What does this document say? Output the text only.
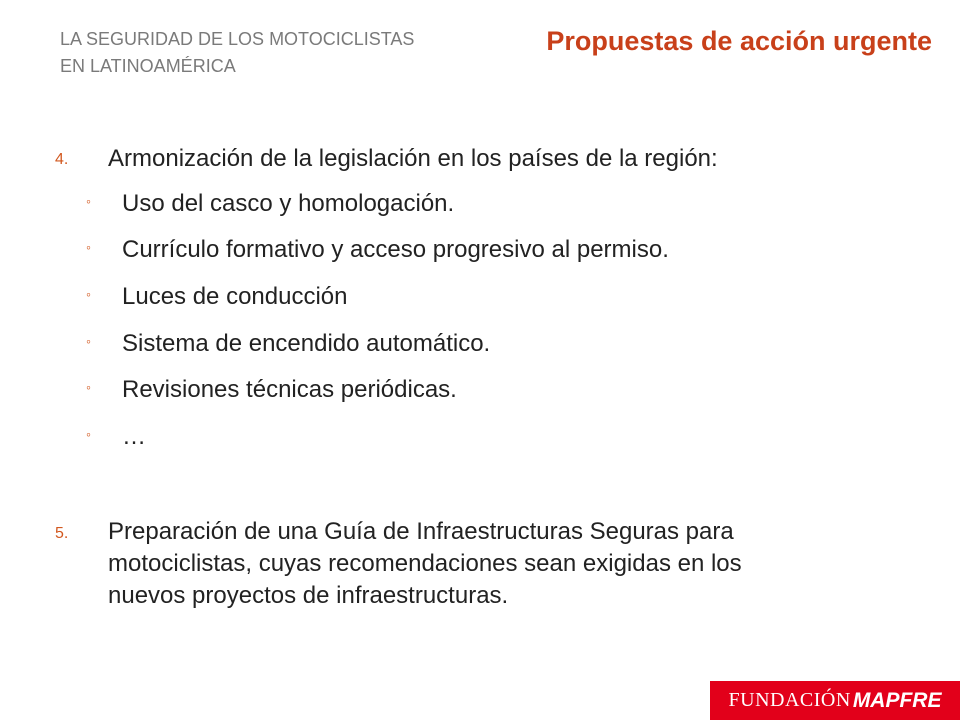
LA SEGURIDAD DE LOS MOTOCICLISTAS
EN LATINOAMÉRICA
Propuestas de acción urgente
4. Armonización de la legislación en los países de la región:
◦ Uso del casco y homologación.
◦ Currículo formativo y acceso progresivo al permiso.
◦ Luces de conducción
◦ Sistema de encendido automático.
◦ Revisiones técnicas periódicas.
◦ …
5. Preparación de una Guía de Infraestructuras Seguras para
motociclistas, cuyas recomendaciones sean exigidas en los
nuevos proyectos de infraestructuras.
FUNDACIÓN MAPFRE
